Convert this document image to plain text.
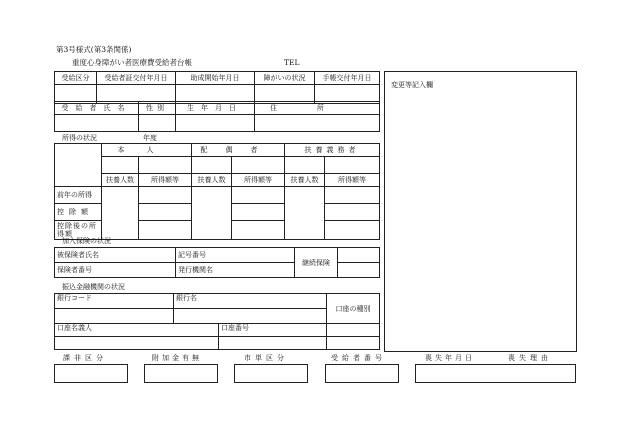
第3号様式(第3条関係)
重度心身障がい者医療費受給者台帳	TEL
受給区分	受給者証交付年月日	助成開始年月日	障がいの状況	手帳交付年月日

受給者氏名	性別	生年月日	住所

変更等記入欄
所得の状況	年度
	本人		配偶者		扶養義務者	

	扶養人数	所得額等	扶養人数	所得額等	扶養人数	所得額等
前年の所得						
控除額						
控除後の所得額						
加入保険の状況
被保険者氏名	記号番号	継続保険	
保険者番号	発行機関名		
振込金融機関の状況
銀行コード	銀行名		口座の種別

口座名義人		口座番号	

課非区分	附加金有無	市単区分	受給者番号	喪失年月日	喪失理由
